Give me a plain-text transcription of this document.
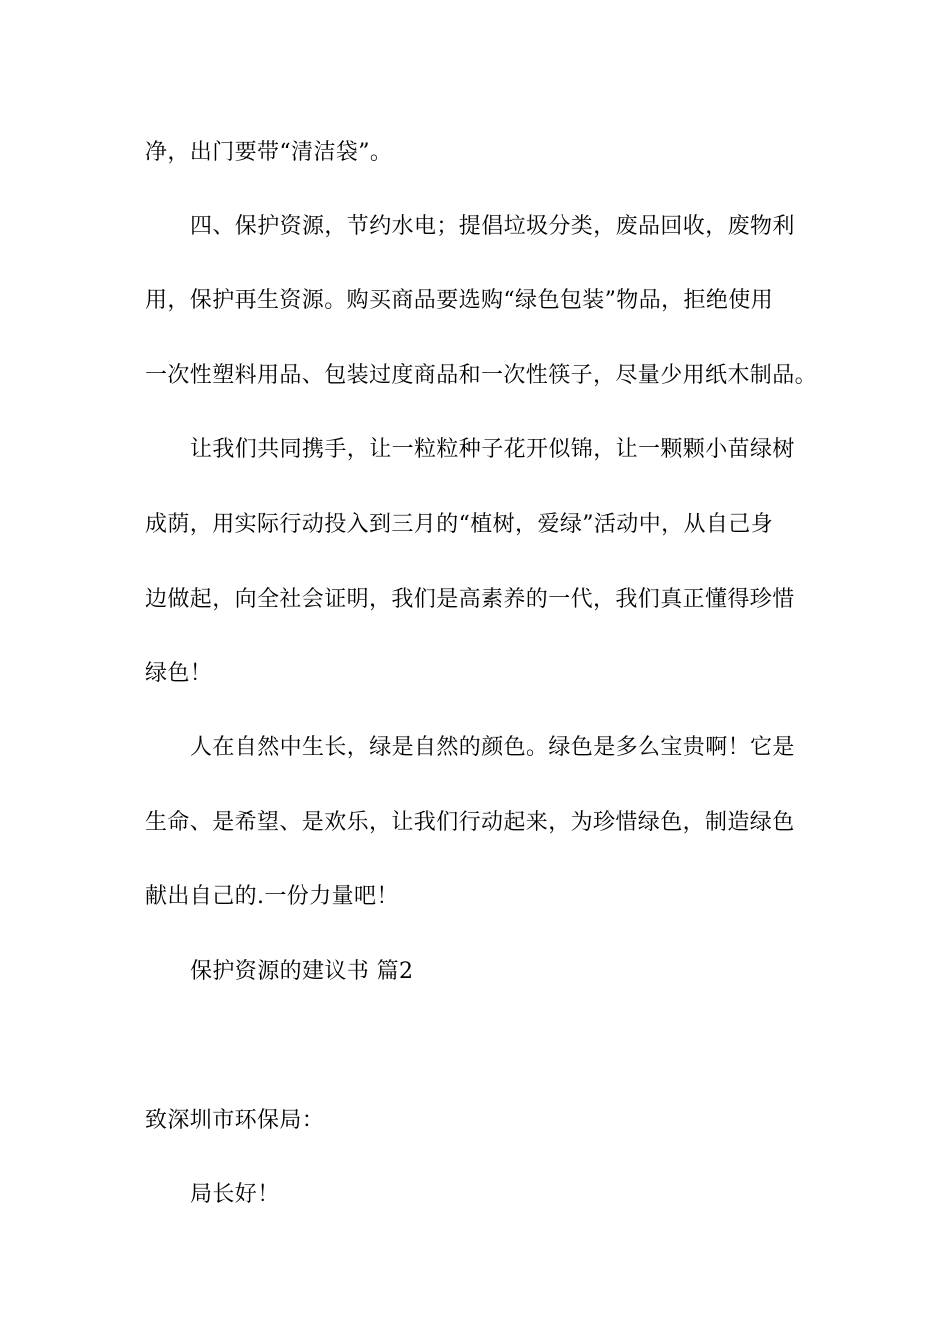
净，出门要带“清洁袋”。
四、保护资源，节约水电；提倡垃圾分类，废品回收，废物利
用，保护再生资源。购买商品要选购“绿色包装”物品，拒绝使用
一次性塑料用品、包装过度商品和一次性筷子，尽量少用纸木制品。
让我们共同携手，让一粒粒种子花开似锦，让一颗颗小苗绿树
成荫，用实际行动投入到三月的“植树，爱绿”活动中，从自己身
边做起，向全社会证明，我们是高素养的一代，我们真正懂得珍惜
绿色！
人在自然中生长，绿是自然的颜色。绿色是多么宝贵啊！它是
生命、是希望、是欢乐，让我们行动起来，为珍惜绿色，制造绿色
献出自己的.一份力量吧！
保护资源的建议书 篇2
致深圳市环保局：
局长好！
